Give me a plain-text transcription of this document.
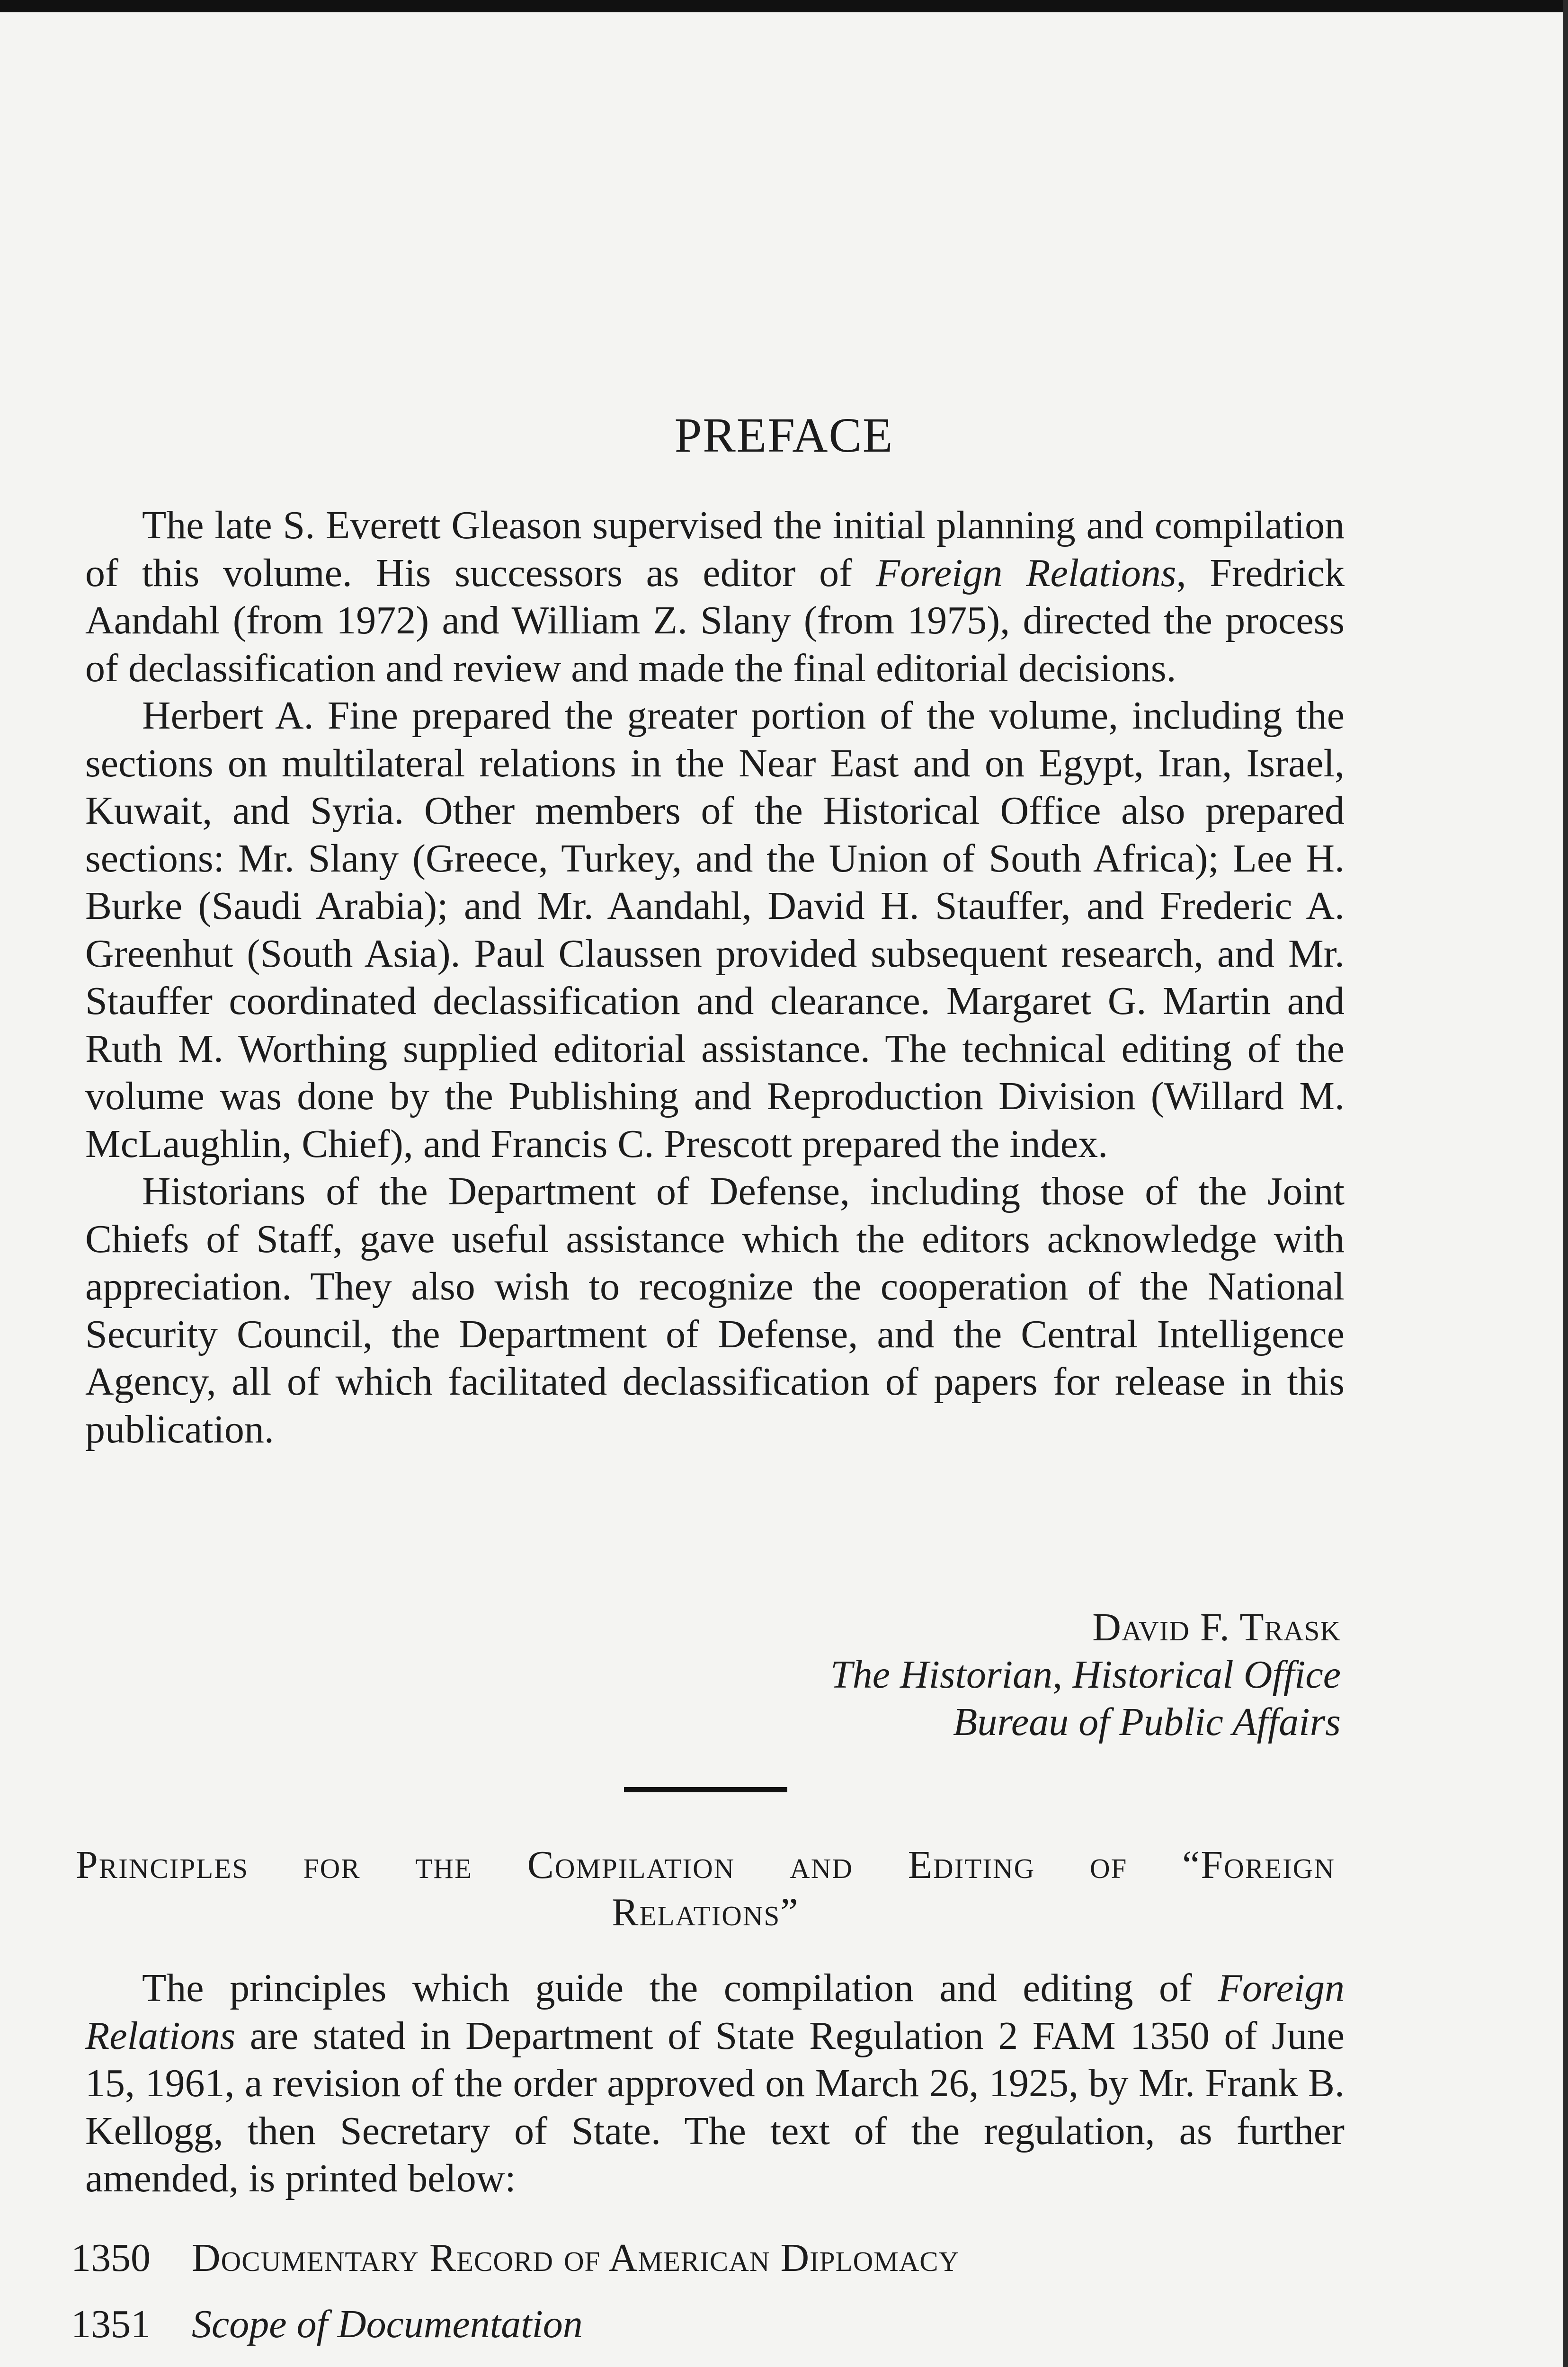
PREFACE

The late S. Everett Gleason supervised the initial planning and compilation of this volume. His successors as editor of Foreign Relations, Fredrick Aandahl (from 1972) and William Z. Slany (from 1975), directed the process of declassification and review and made the final editorial decisions.

Herbert A. Fine prepared the greater portion of the volume, including the sections on multilateral relations in the Near East and on Egypt, Iran, Israel, Kuwait, and Syria. Other members of the Historical Office also prepared sections: Mr. Slany (Greece, Turkey, and the Union of South Africa); Lee H. Burke (Saudi Arabia); and Mr. Aandahl, David H. Stauffer, and Frederic A. Greenhut (South Asia). Paul Claussen provided subsequent research, and Mr. Stauffer coordinated declassification and clearance. Margaret G. Martin and Ruth M. Worthing supplied editorial assistance. The technical editing of the volume was done by the Publishing and Reproduction Division (Willard M. McLaughlin, Chief), and Francis C. Prescott prepared the index.

Historians of the Department of Defense, including those of the Joint Chiefs of Staff, gave useful assistance which the editors acknowledge with appreciation. They also wish to recognize the cooperation of the National Security Council, the Department of Defense, and the Central Intelligence Agency, all of which facilitated declassification of papers for release in this publication.

David F. Trask
The Historian, Historical Office
Bureau of Public Affairs
Principles for the Compilation and Editing of “Foreign
Relations”

The principles which guide the compilation and editing of Foreign Relations are stated in Department of State Regulation 2 FAM 1350 of June 15, 1961, a revision of the order approved on March 26, 1925, by Mr. Frank B. Kellogg, then Secretary of State. The text of the regulation, as further amended, is printed below:

1350 Documentary Record of American Diplomacy
1351 Scope of Documentation
